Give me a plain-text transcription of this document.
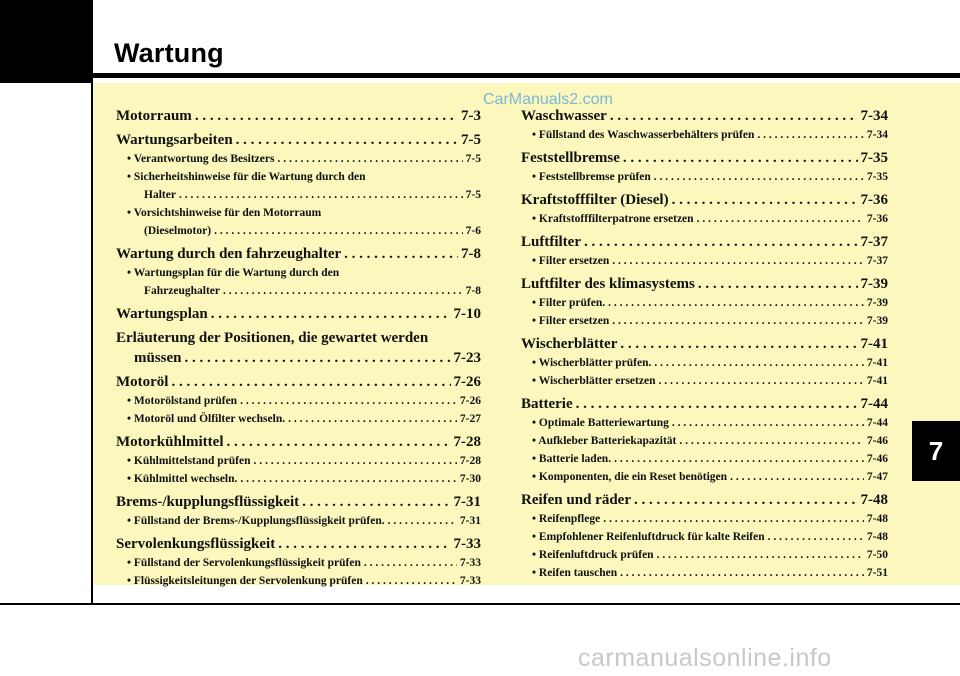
Wartung
7
CarManuals2.com
carmanualsonline.info
Motorraum . . .	7-3
Wartungsarbeiten . . .	7-5
• Verantwortung des Besitzers . . .	7-5
• Sicherheitshinweise für die Wartung durch den
Halter . . .	7-5
• Vorsichtshinweise für den Motorraum
(Dieselmotor) . . .	7-6
Wartung durch den fahrzeughalter . . .	7-8
• Wartungsplan für die Wartung durch den
Fahrzeughalter . . .	7-8
Wartungsplan . . .	7-10
Erläuterung der Positionen, die gewartet werden
müssen . . .	7-23
Motoröl . . .	7-26
• Motorölstand prüfen . . .	7-26
• Motoröl und Ölfilter wechseln. . . .	7-27
Motorkühlmittel . . .	7-28
• Kühlmittelstand prüfen . . .	7-28
• Kühlmittel wechseln. . . .	7-30
Brems-/kupplungsflüssigkeit . . .	7-31
• Füllstand der Brems-/Kupplungsflüssigkeit prüfen. . . .	7-31
Servolenkungsflüssigkeit . . .	7-33
• Füllstand der Servolenkungsflüssigkeit prüfen . . .	7-33
• Flüssigkeitsleitungen der Servolenkung prüfen . . .	7-33
Waschwasser . . .	7-34
• Füllstand des Waschwasserbehälters prüfen . . .	7-34
Feststellbremse . . .	7-35
• Feststellbremse prüfen . . .	7-35
Kraftstofffilter (Diesel) . . .	7-36
• Kraftstofffilterpatrone ersetzen . . .	7-36
Luftfilter . . .	7-37
• Filter ersetzen . . .	7-37
Luftfilter des klimasystems . . .	7-39
• Filter prüfen. . . .	7-39
• Filter ersetzen . . .	7-39
Wischerblätter . . .	7-41
• Wischerblätter prüfen. . . .	7-41
• Wischerblätter ersetzen . . .	7-41
Batterie . . .	7-44
• Optimale Batteriewartung . . .	7-44
• Aufkleber Batteriekapazität . . .	7-46
• Batterie laden. . . .	7-46
• Komponenten, die ein Reset benötigen . . .	7-47
Reifen und räder . . .	7-48
• Reifenpflege . . .	7-48
• Empfohlener Reifenluftdruck für kalte Reifen . . .	7-48
• Reifenluftdruck prüfen . . .	7-50
• Reifen tauschen . . .	7-51
